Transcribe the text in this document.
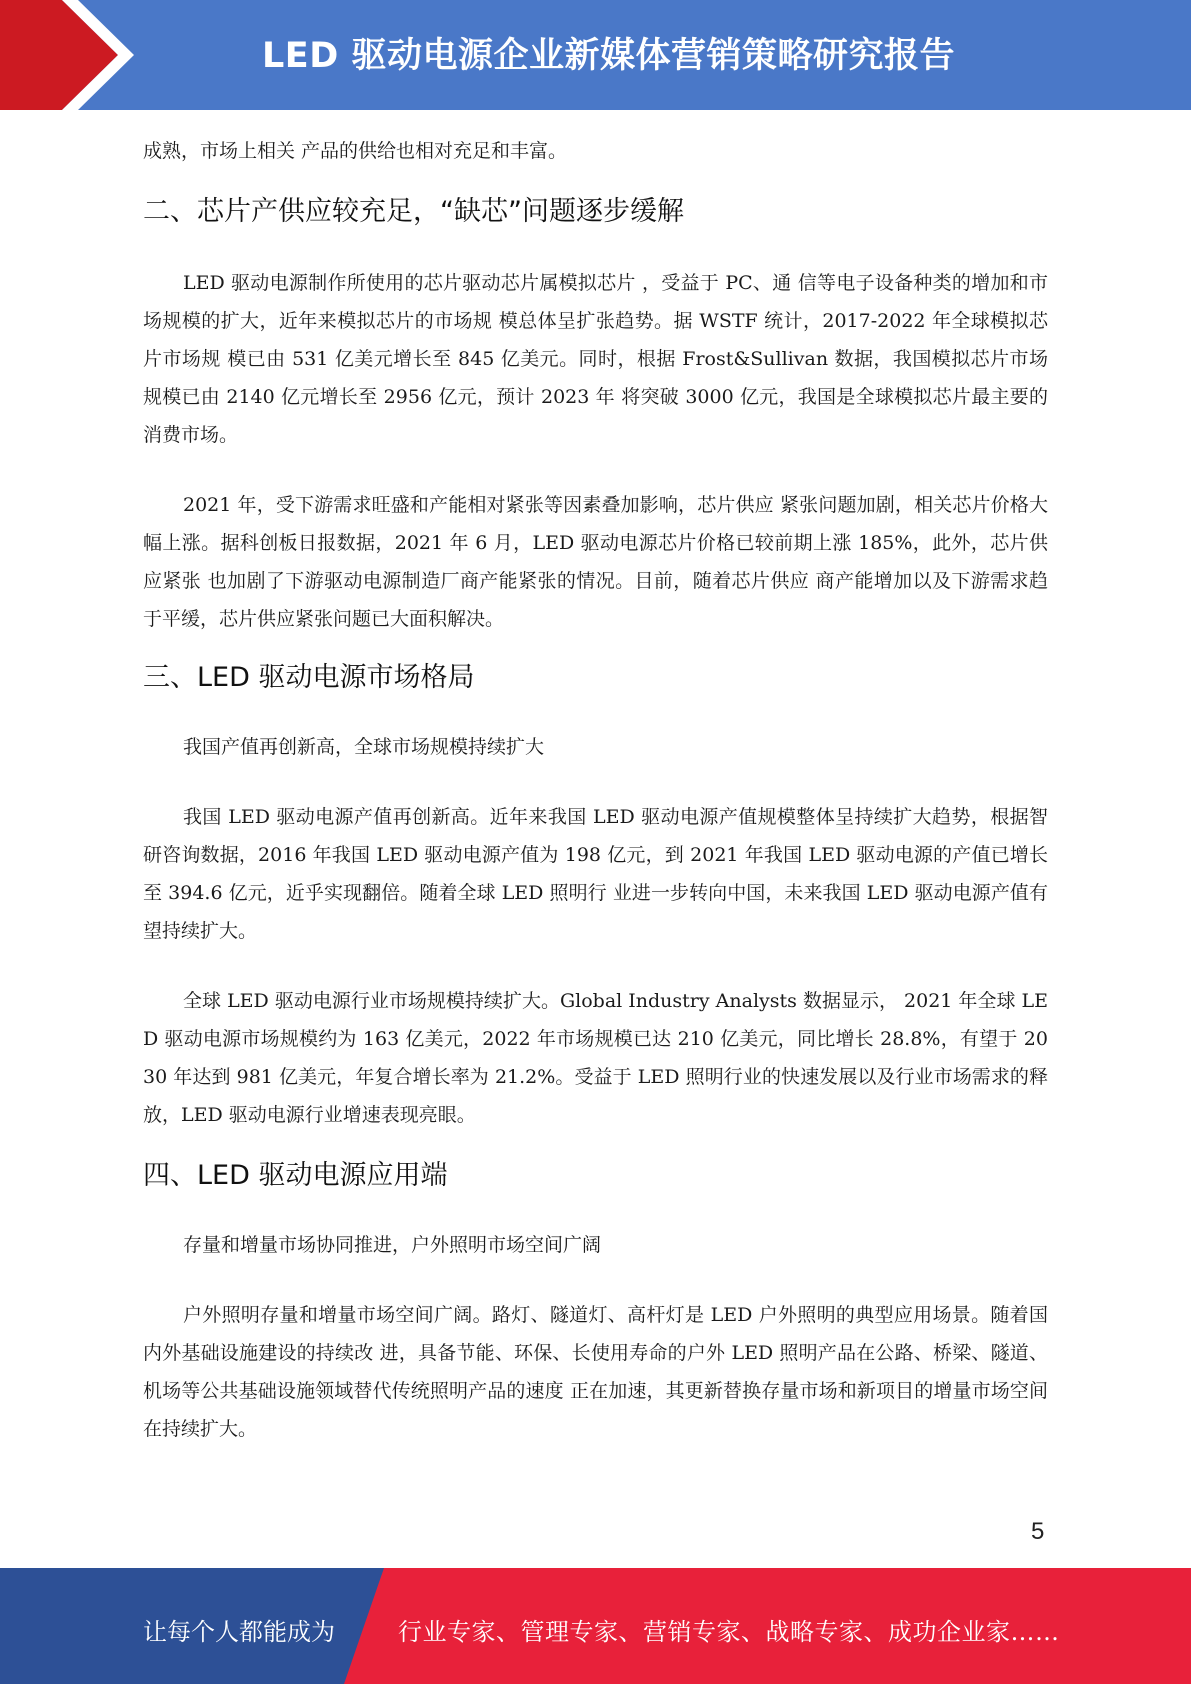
LED 驱动电源企业新媒体营销策略研究报告

成熟，市场上相关 产品的供给也相对充足和丰富。

二、芯片产供应较充足，“缺芯”问题逐步缓解

LED 驱动电源制作所使用的芯片驱动芯片属模拟芯片 ，受益于 PC、通 信等电子设备种类的增加和市场规模的扩大，近年来模拟芯片的市场规 模总体呈扩张趋势。据 WSTF 统计，2017-2022 年全球模拟芯片市场规 模已由 531 亿美元增长至 845 亿美元。同时，根据 Frost&Sullivan 数据，我国模拟芯片市场规模已由 2140 亿元增长至 2956 亿元，预计 2023 年 将突破 3000 亿元，我国是全球模拟芯片最主要的消费市场。

2021 年，受下游需求旺盛和产能相对紧张等因素叠加影响，芯片供应 紧张问题加剧，相关芯片价格大幅上涨。据科创板日报数据，2021 年 6 月，LED 驱动电源芯片价格已较前期上涨 185%，此外，芯片供应紧张 也加剧了下游驱动电源制造厂商产能紧张的情况。目前，随着芯片供应 商产能增加以及下游需求趋于平缓，芯片供应紧张问题已大面积解决。

三、LED 驱动电源市场格局

我国产值再创新高，全球市场规模持续扩大

我国 LED 驱动电源产值再创新高。近年来我国 LED 驱动电源产值规模整体呈持续扩大趋势，根据智研咨询数据，2016 年我国 LED 驱动电源产值为 198 亿元，到 2021 年我国 LED 驱动电源的产值已增长至 394.6 亿元，近乎实现翻倍。随着全球 LED 照明行 业进一步转向中国，未来我国 LED 驱动电源产值有望持续扩大。

全球 LED 驱动电源行业市场规模持续扩大。Global Industry Analysts 数据显示， 2021 年全球 LED 驱动电源市场规模约为 163 亿美元，2022 年市场规模已达 210 亿美元，同比增长 28.8%，有望于 2030 年达到 981 亿美元，年复合增长率为 21.2%。受益于 LED 照明行业的快速发展以及行业市场需求的释放，LED 驱动电源行业增速表现亮眼。

四、LED 驱动电源应用端

存量和增量市场协同推进，户外照明市场空间广阔

户外照明存量和增量市场空间广阔。路灯、隧道灯、高杆灯是 LED 户外照明的典型应用场景。随着国内外基础设施建设的持续改 进，具备节能、环保、长使用寿命的户外 LED 照明产品在公路、桥梁、隧道、机场等公共基础设施领域替代传统照明产品的速度 正在加速，其更新替换存量市场和新项目的增量市场空间在持续扩大。

5
让每个人都能成为	行业专家、管理专家、营销专家、战略专家、成功企业家……
